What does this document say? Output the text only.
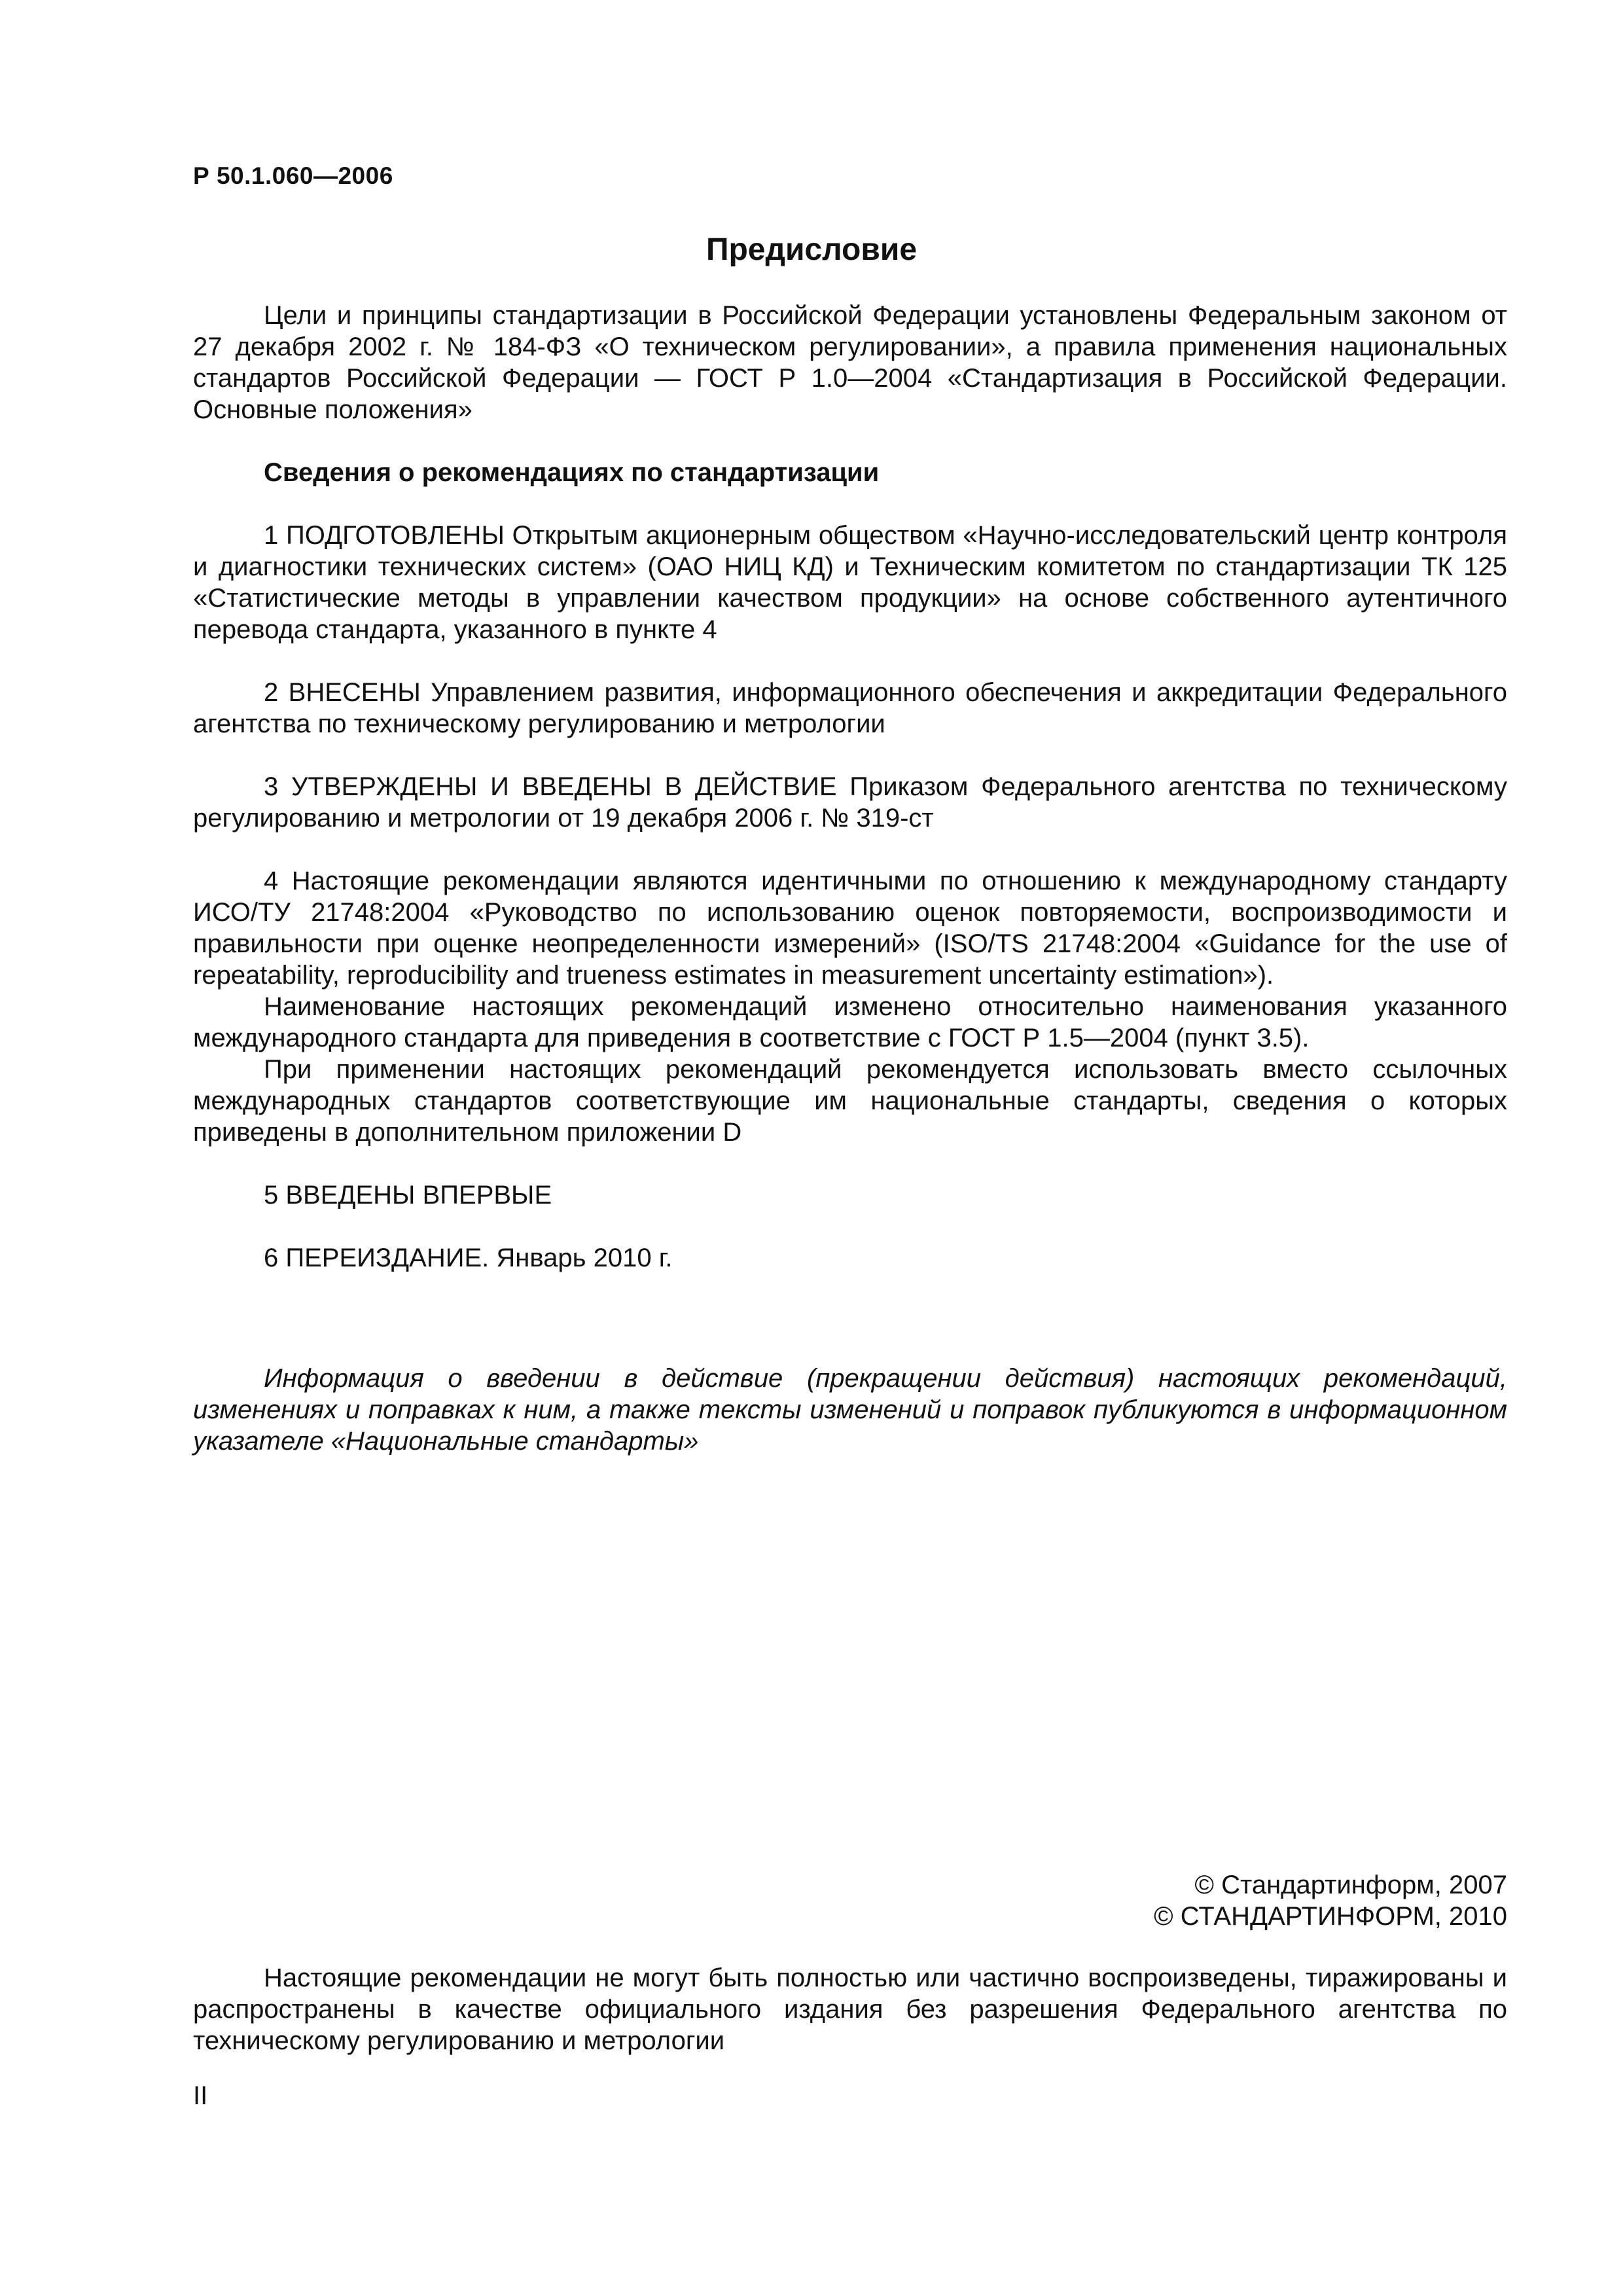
Р 50.1.060—2006
Предисловие

Цели и принципы стандартизации в Российской Федерации установлены Федеральным законом от 27 декабря 2002 г. № 184-ФЗ «О техническом регулировании», а правила применения национальных стандартов Российской Федерации — ГОСТ Р 1.0—2004 «Стандартизация в Российской Федерации. Основные положения»

Сведения о рекомендациях по стандартизации

1 ПОДГОТОВЛЕНЫ Открытым акционерным обществом «Научно-исследовательский центр контроля и диагностики технических систем» (ОАО НИЦ КД) и Техническим комитетом по стандартизации ТК 125 «Статистические методы в управлении качеством продукции» на основе собственного аутентичного перевода стандарта, указанного в пункте 4

2 ВНЕСЕНЫ Управлением развития, информационного обеспечения и аккредитации Федерального агентства по техническому регулированию и метрологии

3 УТВЕРЖДЕНЫ И ВВЕДЕНЫ В ДЕЙСТВИЕ Приказом Федерального агентства по техническому регулированию и метрологии от 19 декабря 2006 г. № 319-ст

4 Настоящие рекомендации являются идентичными по отношению к международному стандарту ИСО/ТУ 21748:2004 «Руководство по использованию оценок повторяемости, воспроизводимости и правильности при оценке неопределенности измерений» (ISO/TS 21748:2004 «Guidance for the use of repeatability, reproducibility and trueness estimates in measurement uncertainty estimation»).

Наименование настоящих рекомендаций изменено относительно наименования указанного международного стандарта для приведения в соответствие с ГОСТ Р 1.5—2004 (пункт 3.5).

При применении настоящих рекомендаций рекомендуется использовать вместо ссылочных международных стандартов соответствующие им национальные стандарты, сведения о которых приведены в дополнительном приложении D

5 ВВЕДЕНЫ ВПЕРВЫЕ

6 ПЕРЕИЗДАНИЕ. Январь 2010 г.

Информация о введении в действие (прекращении действия) настоящих рекомендаций, изменениях и поправках к ним, а также тексты изменений и поправок публикуются в информационном указателе «Национальные стандарты»

© Стандартинформ, 2007
© СТАНДАРТИНФОРМ, 2010

Настоящие рекомендации не могут быть полностью или частично воспроизведены, тиражированы и распространены в качестве официального издания без разрешения Федерального агентства по техническому регулированию и метрологии

II
